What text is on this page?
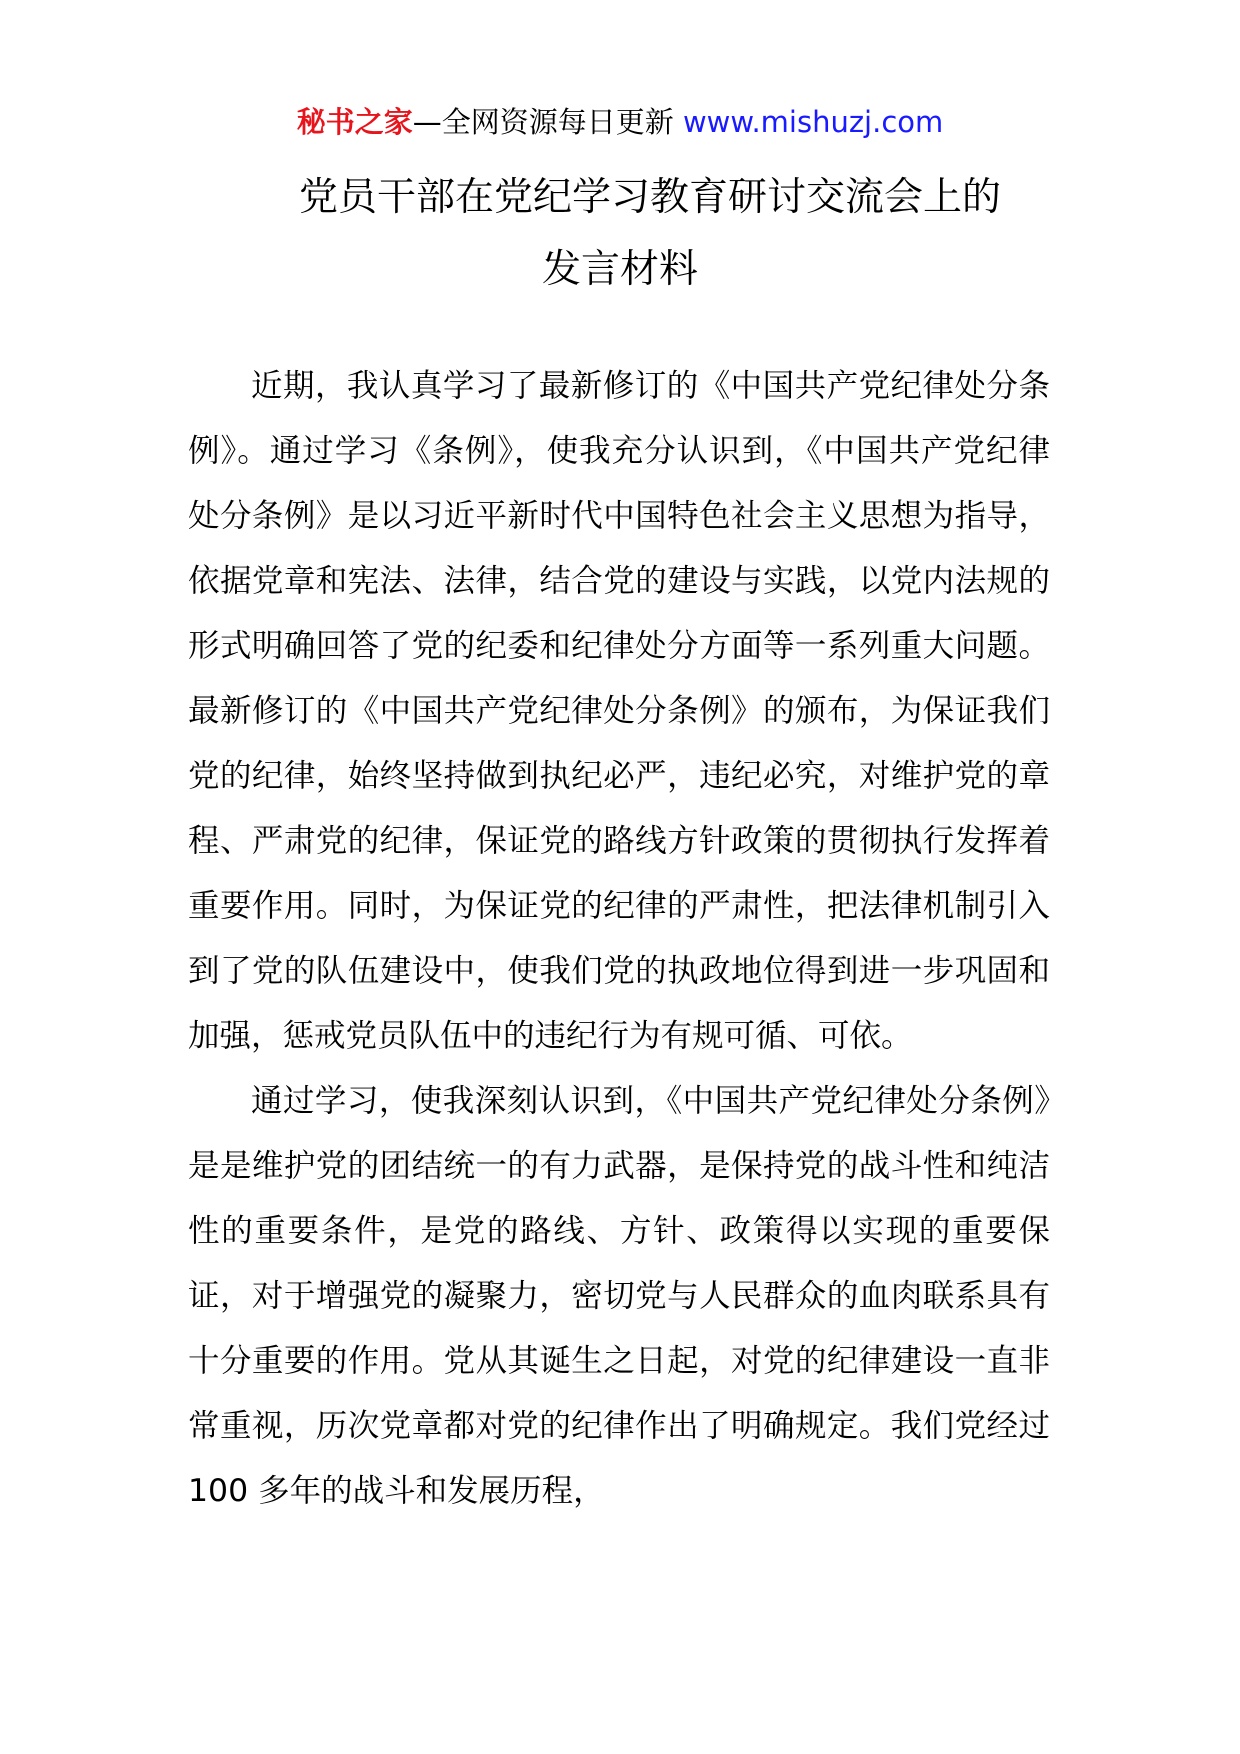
秘书之家—全网资源每日更新 www.mishuzj.com
党员干部在党纪学习教育研讨交流会上的
发言材料

近期，我认真学习了最新修订的《中国共产党纪律处分条例》。通过学习《条例》，使我充分认识到，《中国共产党纪律处分条例》是以习近平新时代中国特色社会主义思想为指导，依据党章和宪法、法律，结合党的建设与实践，以党内法规的形式明确回答了党的纪委和纪律处分方面等一系列重大问题。最新修订的《中国共产党纪律处分条例》的颁布，为保证我们党的纪律，始终坚持做到执纪必严，违纪必究，对维护党的章程、严肃党的纪律，保证党的路线方针政策的贯彻执行发挥着重要作用。同时，为保证党的纪律的严肃性，把法律机制引入到了党的队伍建设中，使我们党的执政地位得到进一步巩固和加强，惩戒党员队伍中的违纪行为有规可循、可依。

通过学习，使我深刻认识到，《中国共产党纪律处分条例》是是维护党的团结统一的有力武器，是保持党的战斗性和纯洁性的重要条件，是党的路线、方针、政策得以实现的重要保证，对于增强党的凝聚力，密切党与人民群众的血肉联系具有十分重要的作用。党从其诞生之日起，对党的纪律建设一直非常重视，历次党章都对党的纪律作出了明确规定。我们党经过 100 多年的战斗和发展历程，
